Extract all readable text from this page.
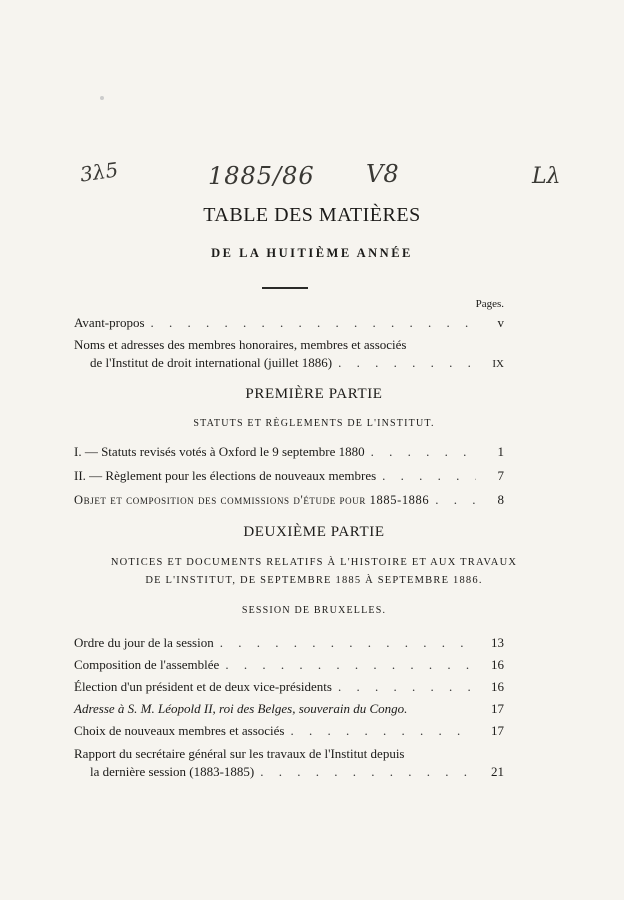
3λ5	1885/86 V8	Lλ
TABLE DES MATIÈRES
DE LA HUITIÈME ANNÉE
Pages.
Avant-propos . . .	v
Noms et adresses des membres honoraires, membres et associés
de l'Institut de droit international (juillet 1886) . . .	IX
PREMIÈRE PARTIE
STATUTS ET RÈGLEMENTS DE L'INSTITUT.
I. — Statuts revisés votés à Oxford le 9 septembre 1880 . . .	1
II. — Règlement pour les élections de nouveaux membres . . .	7
Objet et composition des commissions d'étude pour 1885-1886 . . .	8
DEUXIÈME PARTIE
NOTICES ET DOCUMENTS RELATIFS À L'HISTOIRE ET AUX TRAVAUX
DE L'INSTITUT, DE SEPTEMBRE 1885 À SEPTEMBRE 1886.
SESSION DE BRUXELLES.
Ordre du jour de la session . . .	13
Composition de l'assemblée . . .	16
Élection d'un président et de deux vice-présidents . . .	16
Adresse à S. M. Léopold II, roi des Belges, souverain du Congo.	17
Choix de nouveaux membres et associés . . .	17
Rapport du secrétaire général sur les travaux de l'Institut depuis
la dernière session (1883-1885) . . .	21
